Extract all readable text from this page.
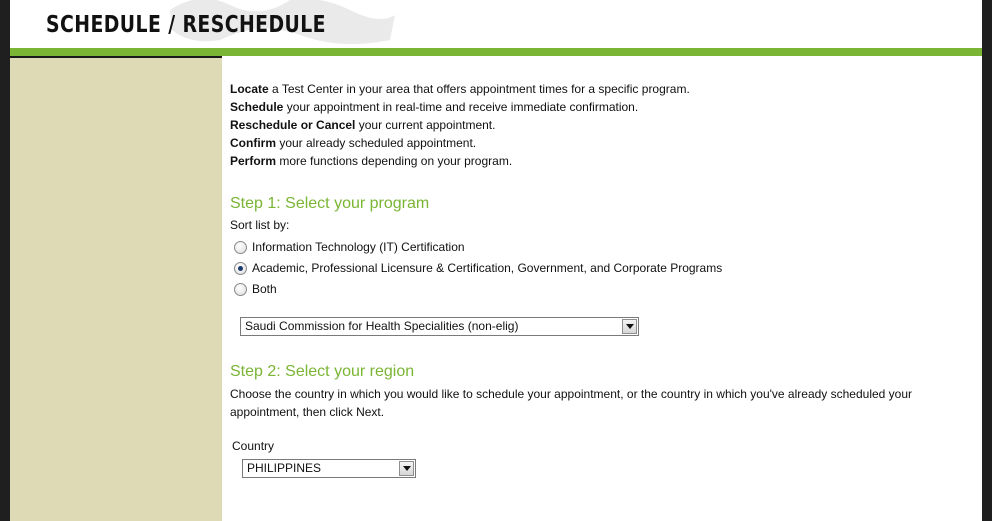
SCHEDULE / RESCHEDULE
Locate a Test Center in your area that offers appointment times for a specific program.
Schedule your appointment in real-time and receive immediate confirmation.
Reschedule or Cancel your current appointment.
Confirm your already scheduled appointment.
Perform more functions depending on your program.
Step 1: Select your program
Sort list by:
Information Technology (IT) Certification
Academic, Professional Licensure & Certification, Government, and Corporate Programs
Both
Saudi Commission for Health Specialities (non-elig)
Step 2: Select your region
Choose the country in which you would like to schedule your appointment, or the country in which you've already scheduled your appointment, then click Next.
Country
PHILIPPINES
